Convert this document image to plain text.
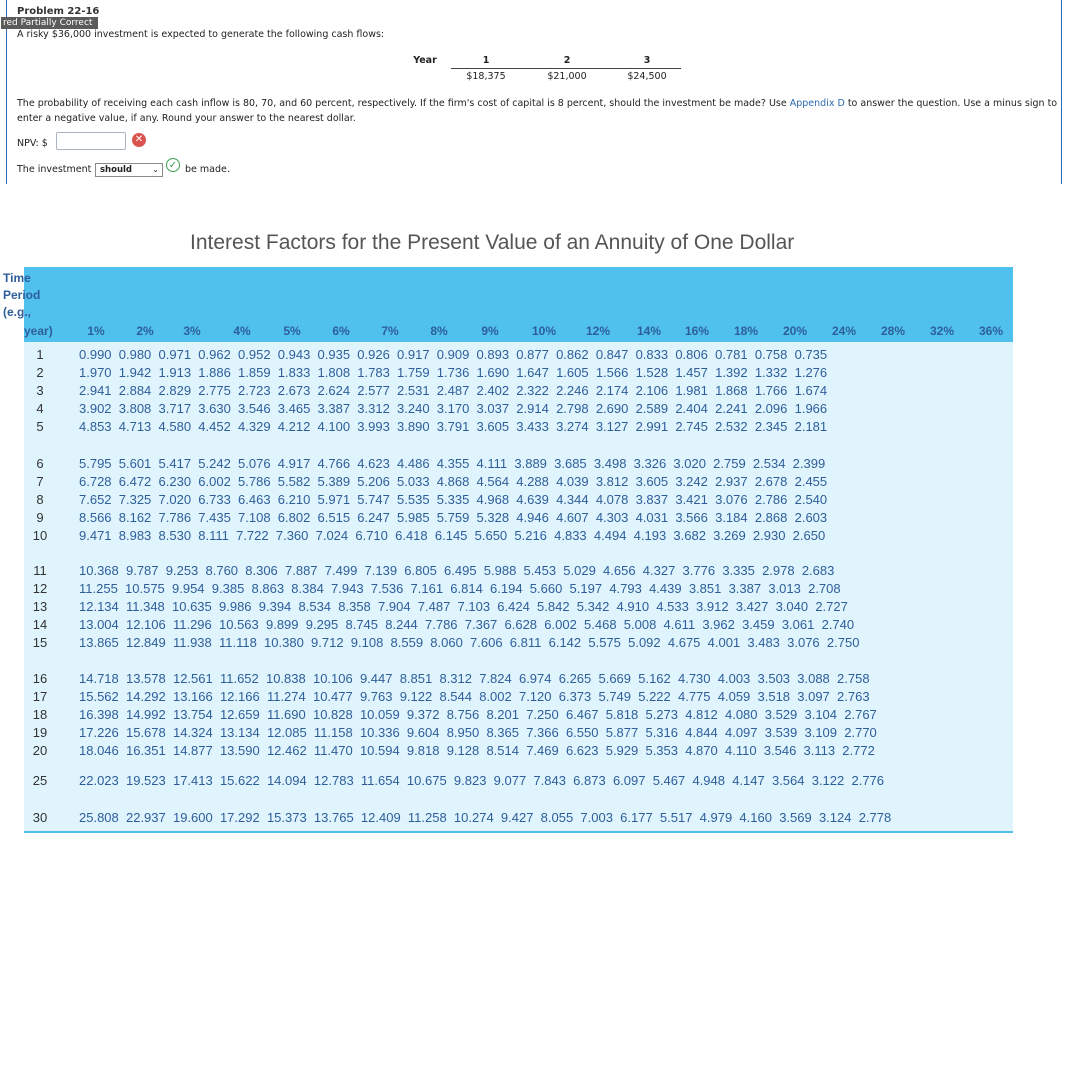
Problem 22-16
red Partially Correct
A risky $36,000 investment is expected to generate the following cash flows:
Year	1	2	3
	$18,375	$21,000	$24,500
The probability of receiving each cash inflow is 80, 70, and 60 percent, respectively. If the firm's cost of capital is 8 percent, should the investment be made? Use Appendix D to answer the question. Use a minus sign to enter a negative value, if any. Round your answer to the nearest dollar.
NPV: $	✕
The investment	should	⌄ ✓ be made.
Interest Factors for the Present Value of an Annuity of One Dollar
Time
Period
(e.g.,
year)	1%	2%	3%	4%	5%	6%	7%	8%	9%	10%	12%	14%	16%	18%	20%	24%	28%	32%	36%
1	0.990  0.980  0.971  0.962  0.952  0.943  0.935  0.926  0.917  0.909  0.893  0.877  0.862  0.847  0.833  0.806  0.781  0.758  0.735
2	1.970  1.942  1.913  1.886  1.859  1.833  1.808  1.783  1.759  1.736  1.690  1.647  1.605  1.566  1.528  1.457  1.392  1.332  1.276
3	2.941  2.884  2.829  2.775  2.723  2.673  2.624  2.577  2.531  2.487  2.402  2.322  2.246  2.174  2.106  1.981  1.868  1.766  1.674
4	3.902  3.808  3.717  3.630  3.546  3.465  3.387  3.312  3.240  3.170  3.037  2.914  2.798  2.690  2.589  2.404  2.241  2.096  1.966
5	4.853  4.713  4.580  4.452  4.329  4.212  4.100  3.993  3.890  3.791  3.605  3.433  3.274  3.127  2.991  2.745  2.532  2.345  2.181
6	5.795  5.601  5.417  5.242  5.076  4.917  4.766  4.623  4.486  4.355  4.111  3.889  3.685  3.498  3.326  3.020  2.759  2.534  2.399
7	6.728  6.472  6.230  6.002  5.786  5.582  5.389  5.206  5.033  4.868  4.564  4.288  4.039  3.812  3.605  3.242  2.937  2.678  2.455
8	7.652  7.325  7.020  6.733  6.463  6.210  5.971  5.747  5.535  5.335  4.968  4.639  4.344  4.078  3.837  3.421  3.076  2.786  2.540
9	8.566  8.162  7.786  7.435  7.108  6.802  6.515  6.247  5.985  5.759  5.328  4.946  4.607  4.303  4.031  3.566  3.184  2.868  2.603
10	9.471  8.983  8.530  8.111  7.722  7.360  7.024  6.710  6.418  6.145  5.650  5.216  4.833  4.494  4.193  3.682  3.269  2.930  2.650
11	10.368  9.787  9.253  8.760  8.306  7.887  7.499  7.139  6.805  6.495  5.988  5.453  5.029  4.656  4.327  3.776  3.335  2.978  2.683
12	11.255  10.575  9.954  9.385  8.863  8.384  7.943  7.536  7.161  6.814  6.194  5.660  5.197  4.793  4.439  3.851  3.387  3.013  2.708
13	12.134  11.348  10.635  9.986  9.394  8.534  8.358  7.904  7.487  7.103  6.424  5.842  5.342  4.910  4.533  3.912  3.427  3.040  2.727
14	13.004  12.106  11.296  10.563  9.899  9.295  8.745  8.244  7.786  7.367  6.628  6.002  5.468  5.008  4.611  3.962  3.459  3.061  2.740
15	13.865  12.849  11.938  11.118  10.380  9.712  9.108  8.559  8.060  7.606  6.811  6.142  5.575  5.092  4.675  4.001  3.483  3.076  2.750
16	14.718  13.578  12.561  11.652  10.838  10.106  9.447  8.851  8.312  7.824  6.974  6.265  5.669  5.162  4.730  4.003  3.503  3.088  2.758
17	15.562  14.292  13.166  12.166  11.274  10.477  9.763  9.122  8.544  8.002  7.120  6.373  5.749  5.222  4.775  4.059  3.518  3.097  2.763
18	16.398  14.992  13.754  12.659  11.690  10.828  10.059  9.372  8.756  8.201  7.250  6.467  5.818  5.273  4.812  4.080  3.529  3.104  2.767
19	17.226  15.678  14.324  13.134  12.085  11.158  10.336  9.604  8.950  8.365  7.366  6.550  5.877  5.316  4.844  4.097  3.539  3.109  2.770
20	18.046  16.351  14.877  13.590  12.462  11.470  10.594  9.818  9.128  8.514  7.469  6.623  5.929  5.353  4.870  4.110  3.546  3.113  2.772
25	22.023  19.523  17.413  15.622  14.094  12.783  11.654  10.675  9.823  9.077  7.843  6.873  6.097  5.467  4.948  4.147  3.564  3.122  2.776
30	25.808  22.937  19.600  17.292  15.373  13.765  12.409  11.258  10.274  9.427  8.055  7.003  6.177  5.517  4.979  4.160  3.569  3.124  2.778
